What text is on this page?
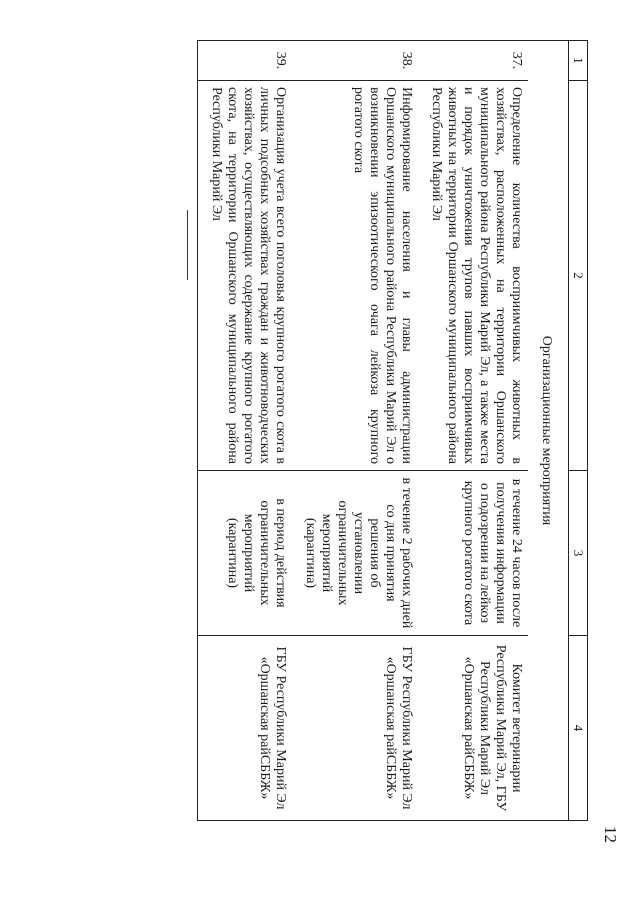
12
1	2	3	4
Организационные мероприятия			
37.	Определение количества восприимчивых животных в хозяйствах, расположенных на территории Оршанского муниципального района Республики Марий Эл, а также места и порядок уничтожения трупов павших восприимчивых животных на территории Оршанского муниципального района Республики Марий Эл	в течение 24 часов после получения информации о подозрении на лейкоз крупного рогатого скота	Комитет ветеринарии Республики Марий Эл, ГБУ Республики Марий Эл «Оршанская райСББЖ»
38.	Информирование населения и главы администрации Оршанского муниципального района Республики Марий Эл о возникновении эпизоотического очага лейкоза крупного рогатого скота	в течение 2 рабочих дней со дня принятия решения об установлении ограничительных мероприятий (карантина)	ГБУ Республики Марий Эл «Оршанская райСББЖ»
39.	Организация учета всего поголовья крупного рогатого скота в личных подсобных хозяйствах граждан и животноводческих хозяйствах, осуществляющих содержание крупного рогатого скота, на территории Оршанского муниципального района Республики Марий Эл	в период действия ограничительных мероприятий (карантина)	ГБУ Республики Марий Эл «Оршанская райСББЖ»
